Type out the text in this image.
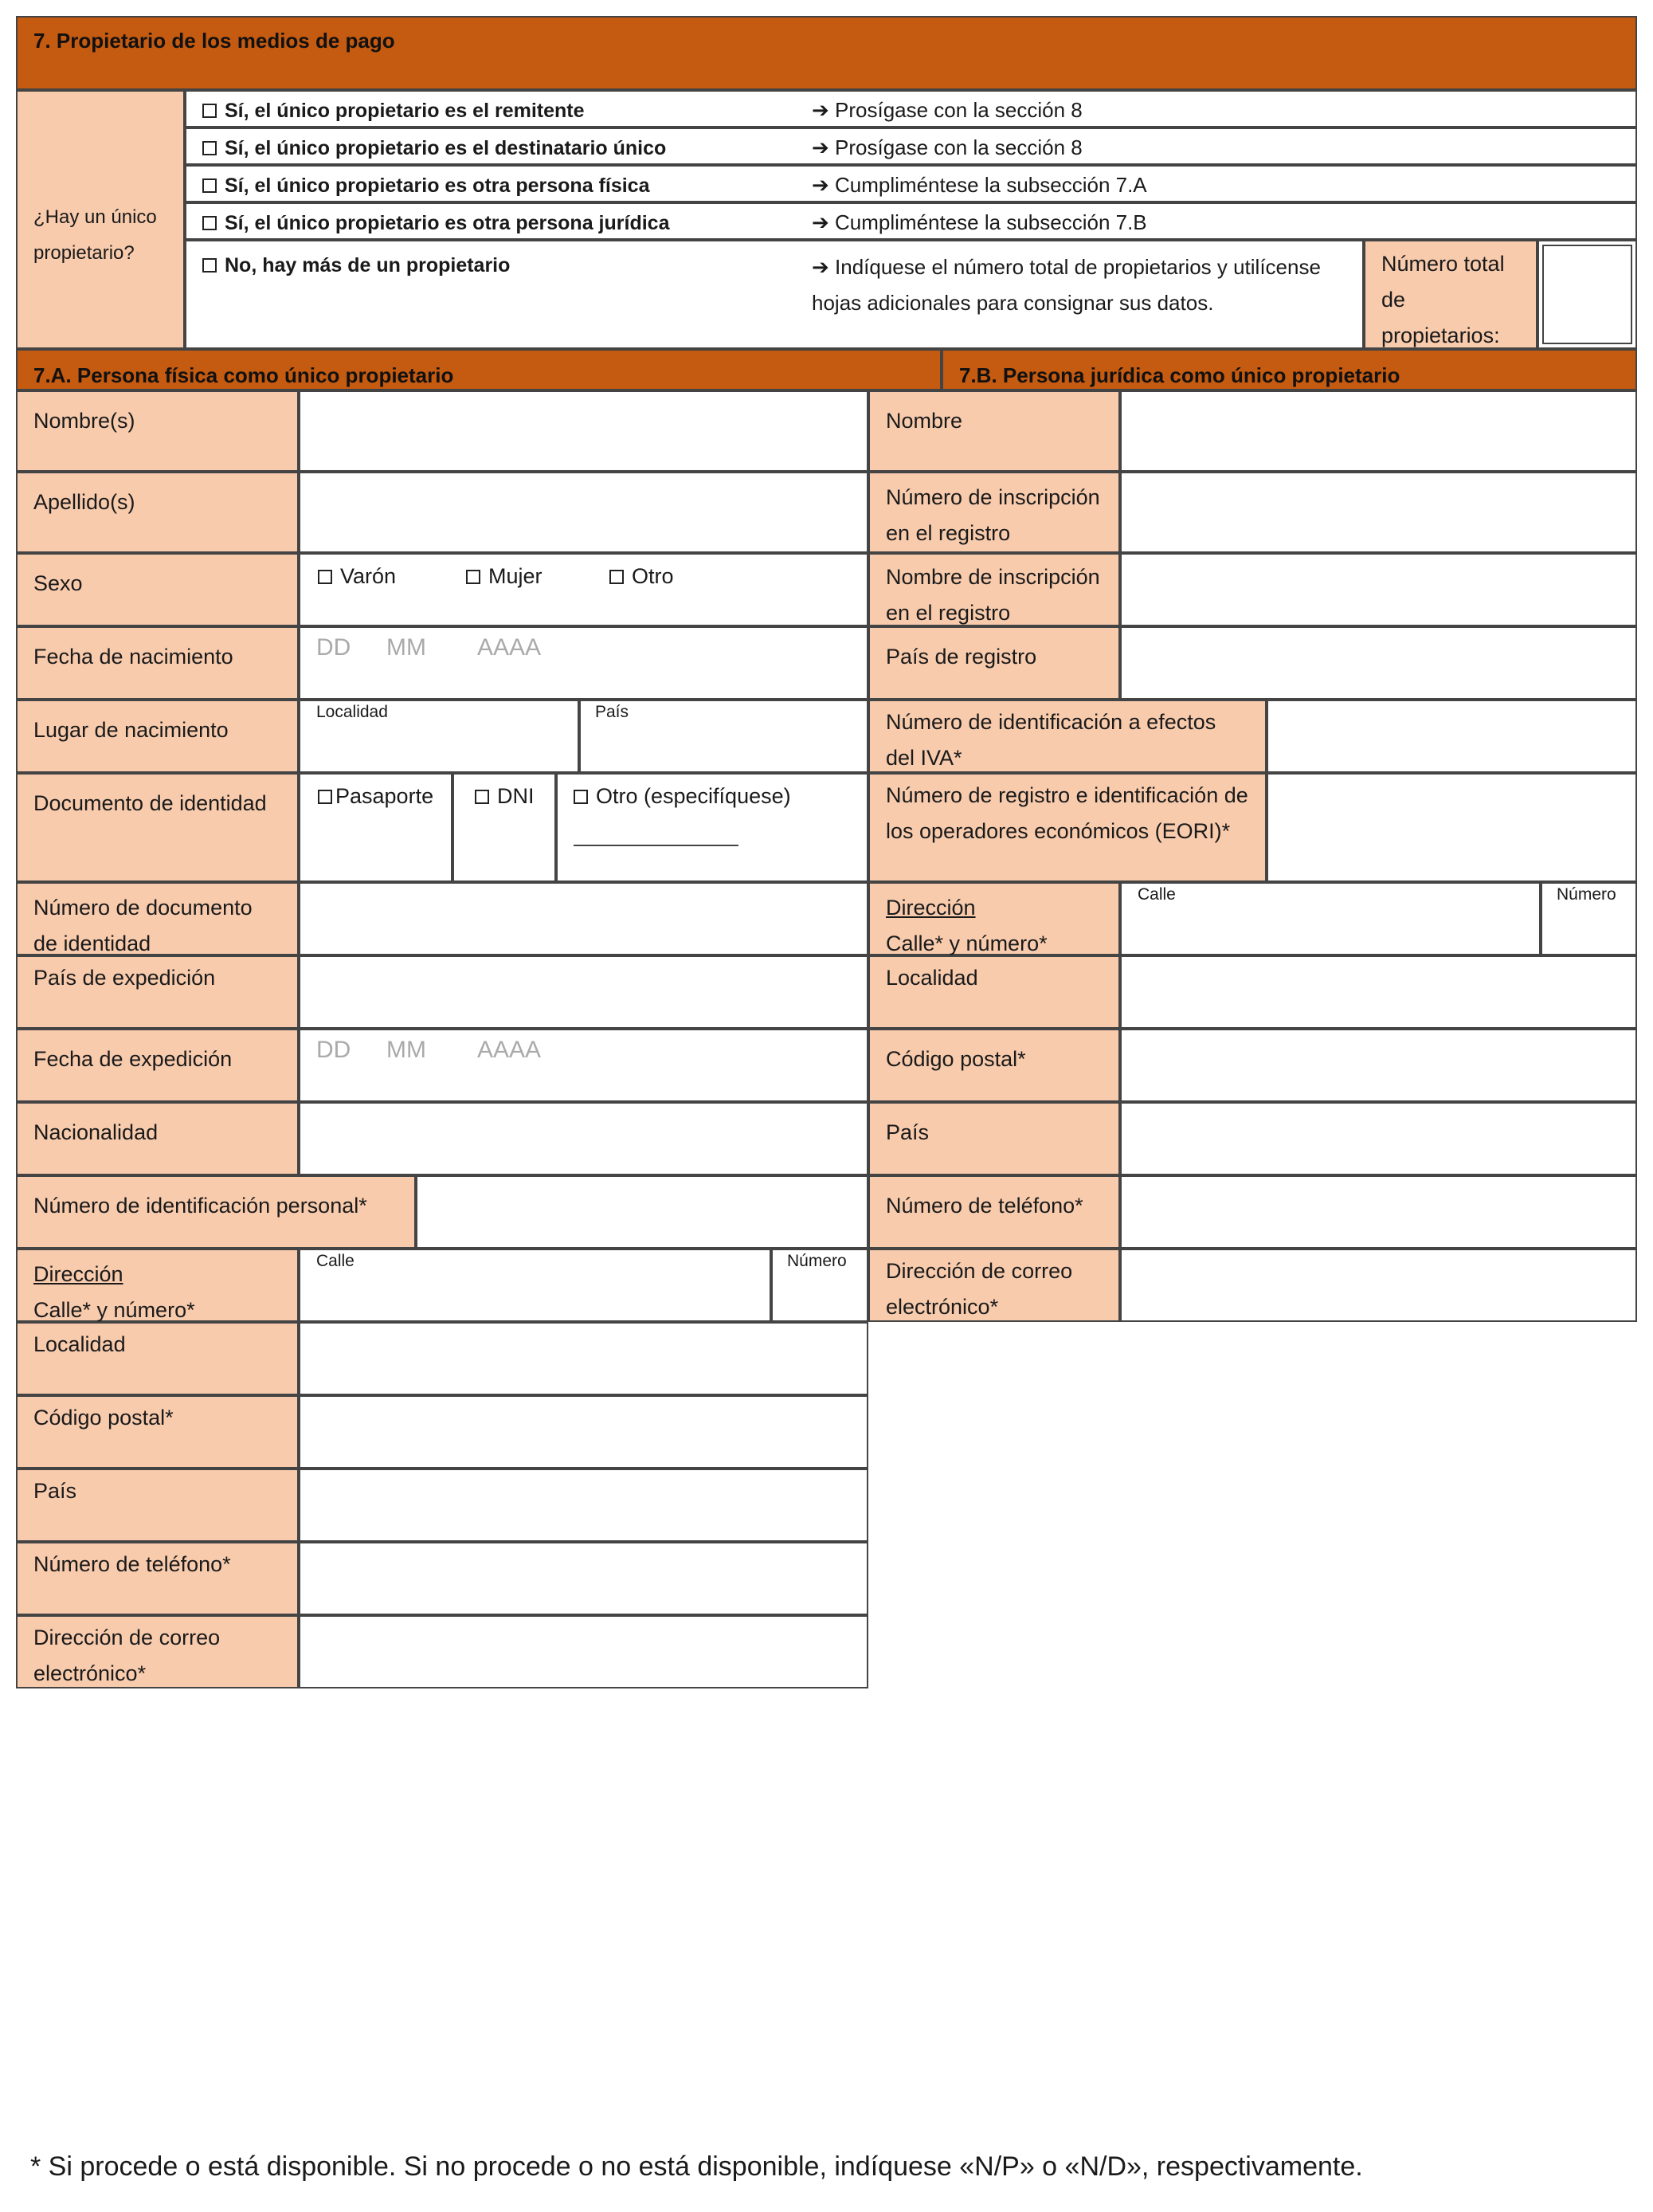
7. Propietario de los medios de pago
¿Hay un único propietario?
Sí, el único propietario es el remitente	➔ Prosígase con la sección 8
Sí, el único propietario es el destinatario único	➔ Prosígase con la sección 8
Sí, el único propietario es otra persona física	➔ Cumpliméntese la subsección 7.A
Sí, el único propietario es otra persona jurídica	➔ Cumpliméntese la subsección 7.B
No, hay más de un propietario	➔ Indíquese el número total de propietarios y utilícense hojas adicionales para consignar sus datos.
Número total de propietarios:
7.A. Persona física como único propietario	7.B. Persona jurídica como único propietario
Nombre(s)
Apellido(s)
Sexo	Varón	Mujer	Otro
Fecha de nacimiento	DD MM AAAA
Lugar de nacimiento
Localidad	País
Documento de identidad	Pasaporte	DNI	Otro (especifíquese)
Número de documento de identidad
País de expedición
Fecha de expedición	DD MM AAAA
Nacionalidad
Número de identificación personal*
Dirección
Calle* y número*
Calle	Número
Localidad
Código postal*
País
Número de teléfono*
Dirección de correo electrónico*
Nombre
Número de inscripción en el registro
Nombre de inscripción en el registro
País de registro
Número de identificación a efectos del IVA*
Número de registro e identificación de los operadores económicos (EORI)*
Dirección
Calle* y número*
Calle	Número
Localidad
Código postal*
País
Número de teléfono*
Dirección de correo electrónico*
* Si procede o está disponible. Si no procede o no está disponible, indíquese «N/P» o «N/D», respectivamente.
